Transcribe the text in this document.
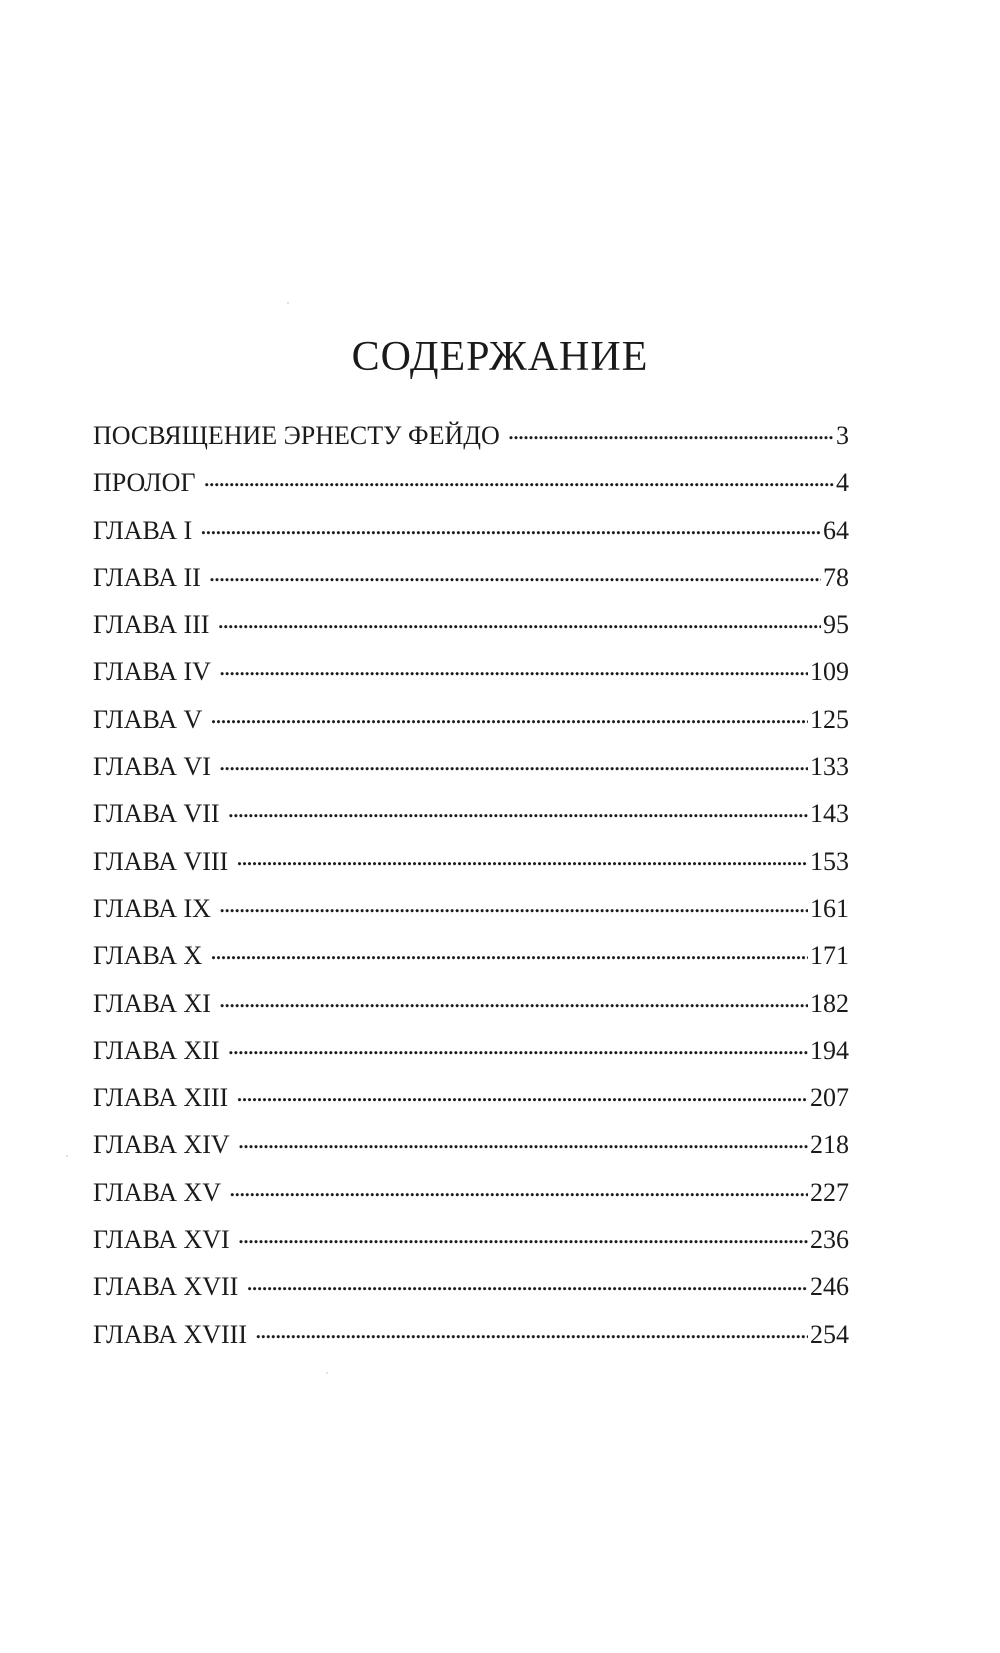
СОДЕРЖАНИЕ
ПОСВЯЩЕНИЕ ЭРНЕСТУ ФЕЙДО . . .	3
ПРОЛОГ . . .	4
ГЛАВА I . . .	64
ГЛАВА II . . .	78
ГЛАВА III . . .	95
ГЛАВА IV . . .	109
ГЛАВА V . . .	125
ГЛАВА VI . . .	133
ГЛАВА VII . . .	143
ГЛАВА VIII . . .	153
ГЛАВА IX . . .	161
ГЛАВА X . . .	171
ГЛАВА XI . . .	182
ГЛАВА XII . . .	194
ГЛАВА XIII . . .	207
ГЛАВА XIV . . .	218
ГЛАВА XV . . .	227
ГЛАВА XVI . . .	236
ГЛАВА XVII . . .	246
ГЛАВА XVIII . . .	254
